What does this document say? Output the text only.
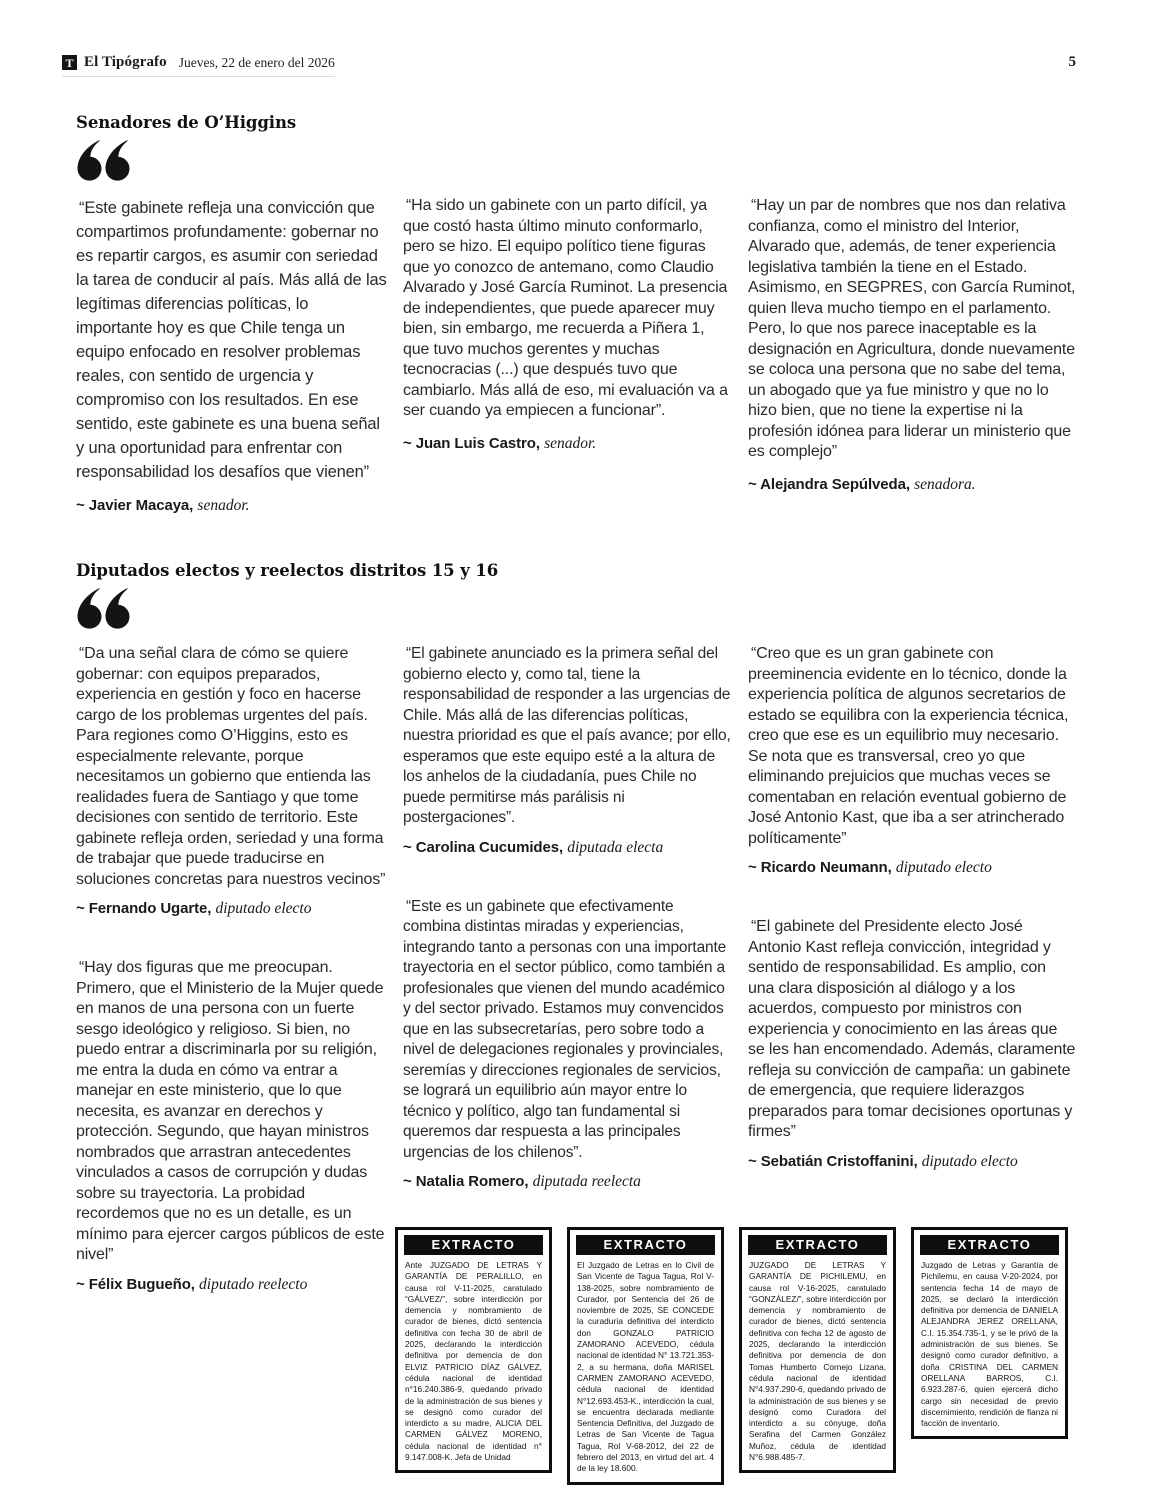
T El Tipógrafo Jueves, 22 de enero del 2026	5
Senadores de O’Higgins

“Este gabinete refleja una convicción que compartimos profundamente: gobernar no es repartir cargos, es asumir con seriedad la tarea de conducir al país. Más allá de las legítimas diferencias políticas, lo importante hoy es que Chile tenga un equipo enfocado en resolver problemas reales, con sentido de urgencia y compromiso con los resultados. En ese sentido, este gabinete es una buena señal y una oportunidad para enfrentar con responsabilidad los desafíos que vienen”

~ Javier Macaya, senador.

“Ha sido un gabinete con un parto difícil, ya que costó hasta último minuto conformarlo, pero se hizo. El equipo político tiene figuras que yo conozco de antemano, como Claudio Alvarado y José García Ruminot. La presencia de independientes, que puede aparecer muy bien, sin embargo, me recuerda a Piñera 1, que tuvo muchos gerentes y muchas tecnocracias (...) que después tuvo que cambiarlo. Más allá de eso, mi evaluación va a ser cuando ya empiecen a funcionar”.

~ Juan Luis Castro, senador.

“Hay un par de nombres que nos dan relativa confianza, como el ministro del Interior, Alvarado que, además, de tener experiencia legislativa también la tiene en el Estado. Asimismo, en SEGPRES, con García Ruminot, quien lleva mucho tiempo en el parlamento. Pero, lo que nos parece inaceptable es la designación en Agricultura, donde nuevamente se coloca una persona que no sabe del tema, un abogado que ya fue ministro y que no lo hizo bien, que no tiene la expertise ni la profesión idónea para liderar un ministerio que es complejo”

~ Alejandra Sepúlveda, senadora.

Diputados electos y reelectos distritos 15 y 16

“Da una señal clara de cómo se quiere gobernar: con equipos preparados, experiencia en gestión y foco en hacerse cargo de los problemas urgentes del país. Para regiones como O’Higgins, esto es especialmente relevante, porque necesitamos un gobierno que entienda las realidades fuera de Santiago y que tome decisiones con sentido de territorio. Este gabinete refleja orden, seriedad y una forma de trabajar que puede traducirse en soluciones concretas para nuestros vecinos”

~ Fernando Ugarte, diputado electo

“Hay dos figuras que me preocupan. Primero, que el Ministerio de la Mujer quede en manos de una persona con un fuerte sesgo ideológico y religioso. Si bien, no puedo entrar a discriminarla por su religión, me entra la duda en cómo va entrar a manejar en este ministerio, que lo que necesita, es avanzar en derechos y protección. Segundo, que hayan ministros nombrados que arrastran antecedentes vinculados a casos de corrupción y dudas sobre su trayectoria. La probidad recordemos que no es un detalle, es un mínimo para ejercer cargos públicos de este nivel”

~ Félix Bugueño, diputado reelecto

“El gabinete anunciado es la primera señal del gobierno electo y, como tal, tiene la responsabilidad de responder a las urgencias de Chile. Más allá de las diferencias políticas, nuestra prioridad es que el país avance; por ello, esperamos que este equipo esté a la altura de los anhelos de la ciudadanía, pues Chile no puede permitirse más parálisis ni postergaciones”.

~ Carolina Cucumides, diputada electa

“Este es un gabinete que efectivamente combina distintas miradas y experiencias, integrando tanto a personas con una importante trayectoria en el sector público, como también a profesionales que vienen del mundo académico y del sector privado. Estamos muy convencidos que en las subsecretarías, pero sobre todo a nivel de delegaciones regionales y provinciales, seremías y direcciones regionales de servicios, se logrará un equilibrio aún mayor entre lo técnico y político, algo tan fundamental si queremos dar respuesta a las principales urgencias de los chilenos”.

~ Natalia Romero, diputada reelecta

“Creo que es un gran gabinete con preeminencia evidente en lo técnico, donde la experiencia política de algunos secretarios de estado se equilibra con la experiencia técnica, creo que ese es un equilibrio muy necesario. Se nota que es transversal, creo yo que eliminando prejuicios que muchas veces se comentaban en relación eventual gobierno de José Antonio Kast, que iba a ser atrincherado políticamente”

~ Ricardo Neumann, diputado electo

“El gabinete del Presidente electo José Antonio Kast refleja convicción, integridad y sentido de responsabilidad. Es amplio, con una clara disposición al diálogo y a los acuerdos, compuesto por ministros con experiencia y conocimiento en las áreas que se les han encomendado. Además, claramente refleja su convicción de campaña: un gabinete de emergencia, que requiere liderazgos preparados para tomar decisiones oportunas y firmes”

~ Sebatián Cristoffanini, diputado electo

EXTRACTO

Ante JUZGADO DE LETRAS Y GARANTÍA DE PERALILLO, en causa rol V-11-2025, caratulado “GÁLVEZ/”, sobre interdicción por demencia y nombramiento de curador de bienes, dictó sentencia definitiva con fecha 30 de abril de 2025, declarando la interdicción definitiva por demencia de don ELVIZ PATRICIO DÍAZ GÁLVEZ, cédula nacional de identidad n°16.240.386-9, quedando privado de la administración de sus bienes y se designó como curador del interdicto a su madre, ALICIA DEL CARMEN GÁLVEZ MORENO, cédula nacional de identidad n° 9.147.008-K. Jefa de Unidad

EXTRACTO

El Juzgado de Letras en lo Civil de San Vicente de Tagua Tagua, Rol V-138-2025, sobre nombramiento de Curador, por Sentencia del 26 de noviembre de 2025, SE CONCEDE la curaduría definitiva del interdicto don GONZALO PATRICIO ZAMORANO ACEVEDO, cédula nacional de identidad N° 13.721.353-2, a su hermana, doña MARISEL CARMEN ZAMORANO ACEVEDO, cédula nacional de identidad N°12.693.453-K., interdicción la cual, se encuentra declarada mediante Sentencia Definitiva, del Juzgado de Letras de San Vicente de Tagua Tagua, Rol V-68-2012, del 22 de febrero del 2013, en virtud del art. 4 de la ley 18.600.

EXTRACTO

JUZGADO DE LETRAS Y GARANTÍA DE PICHILEMU, en causa rol V-16-2025, caratulado “GONZÁLEZ/”, sobre interdicción por demencia y nombramiento de curador de bienes, dictó sentencia definitiva con fecha 12 de agosto de 2025, declarando la interdicción definitiva por demencia de don Tomas Humberto Cornejo Lizana, cédula nacional de identidad N°4.937.290-6, quedando privado de la administración de sus bienes y se designó como Curadora del interdicto a su cónyuge, doña Serafina del Carmen González Muñoz, cédula de identidad N°6.988.485-7.

EXTRACTO

Juzgado de Letras y Garantía de Pichilemu, en causa V-20-2024, por sentencia fecha 14 de mayo de 2025, se declaró la interdicción definitiva por demencia de DANIELA ALEJANDRA JEREZ ORELLANA, C.I. 15.354.735-1, y se le privó de la administración de sus bienes. Se designó como curador definitivo, a doña CRISTINA DEL CARMEN ORELLANA BARROS, C.I. 6.923.287-6, quien ejercerá dicho cargo sin necesidad de previo discernimiento, rendición de fianza ni facción de inventario.
